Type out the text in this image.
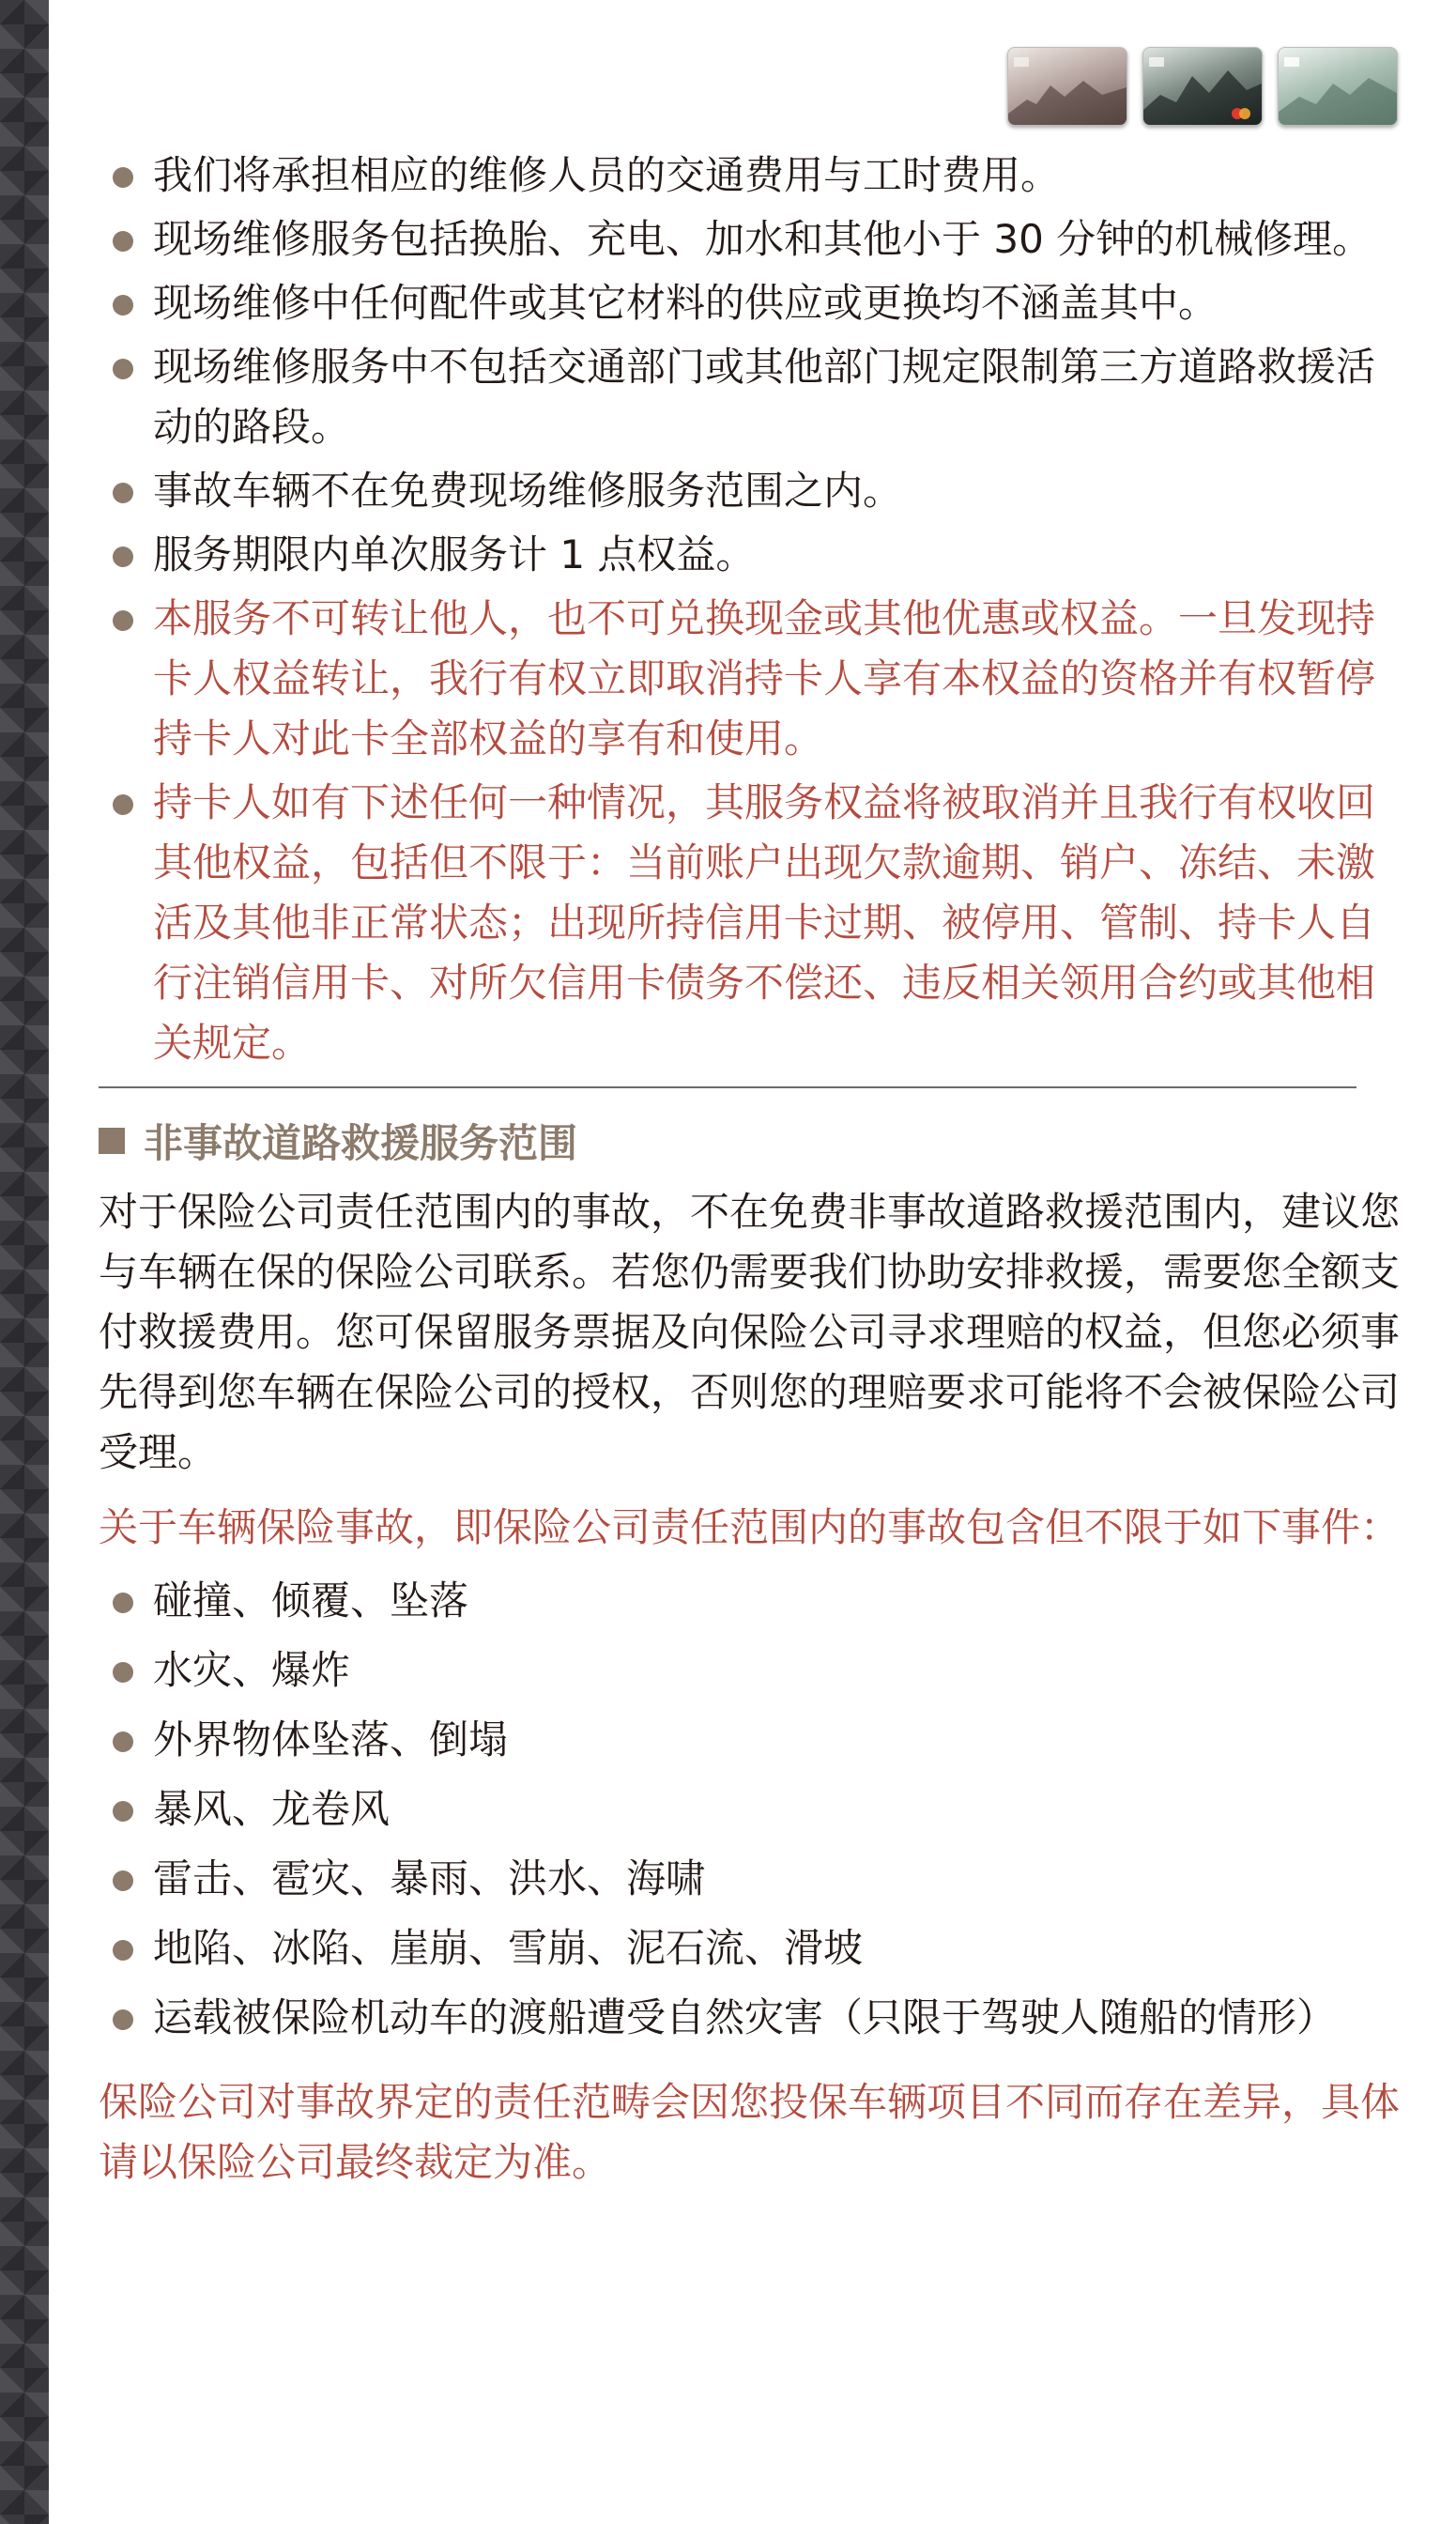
我们将承担相应的维修人员的交通费用与工时费用。
现场维修服务包括换胎、充电、加水和其他小于 30 分钟的机械修理。
现场维修中任何配件或其它材料的供应或更换均不涵盖其中。
现场维修服务中不包括交通部门或其他部门规定限制第三方道路救援活动的路段。
事故车辆不在免费现场维修服务范围之内。
服务期限内单次服务计 1 点权益。
本服务不可转让他人，也不可兑换现金或其他优惠或权益。一旦发现持卡人权益转让，我行有权立即取消持卡人享有本权益的资格并有权暂停持卡人对此卡全部权益的享有和使用。
持卡人如有下述任何一种情况，其服务权益将被取消并且我行有权收回其他权益，包括但不限于：当前账户出现欠款逾期、销户、冻结、未激活及其他非正常状态；出现所持信用卡过期、被停用、管制、持卡人自行注销信用卡、对所欠信用卡债务不偿还、违反相关领用合约或其他相关规定。
非事故道路救援服务范围

对于保险公司责任范围内的事故，不在免费非事故道路救援范围内，建议您与车辆在保的保险公司联系。若您仍需要我们协助安排救援，需要您全额支付救援费用。您可保留服务票据及向保险公司寻求理赔的权益，但您必须事先得到您车辆在保险公司的授权，否则您的理赔要求可能将不会被保险公司受理。

关于车辆保险事故，即保险公司责任范围内的事故包含但不限于如下事件：

碰撞、倾覆、坠落
水灾、爆炸
外界物体坠落、倒塌
暴风、龙卷风
雷击、雹灾、暴雨、洪水、海啸
地陷、冰陷、崖崩、雪崩、泥石流、滑坡
运载被保险机动车的渡船遭受自然灾害（只限于驾驶人随船的情形）

保险公司对事故界定的责任范畴会因您投保车辆项目不同而存在差异，具体请以保险公司最终裁定为准。
